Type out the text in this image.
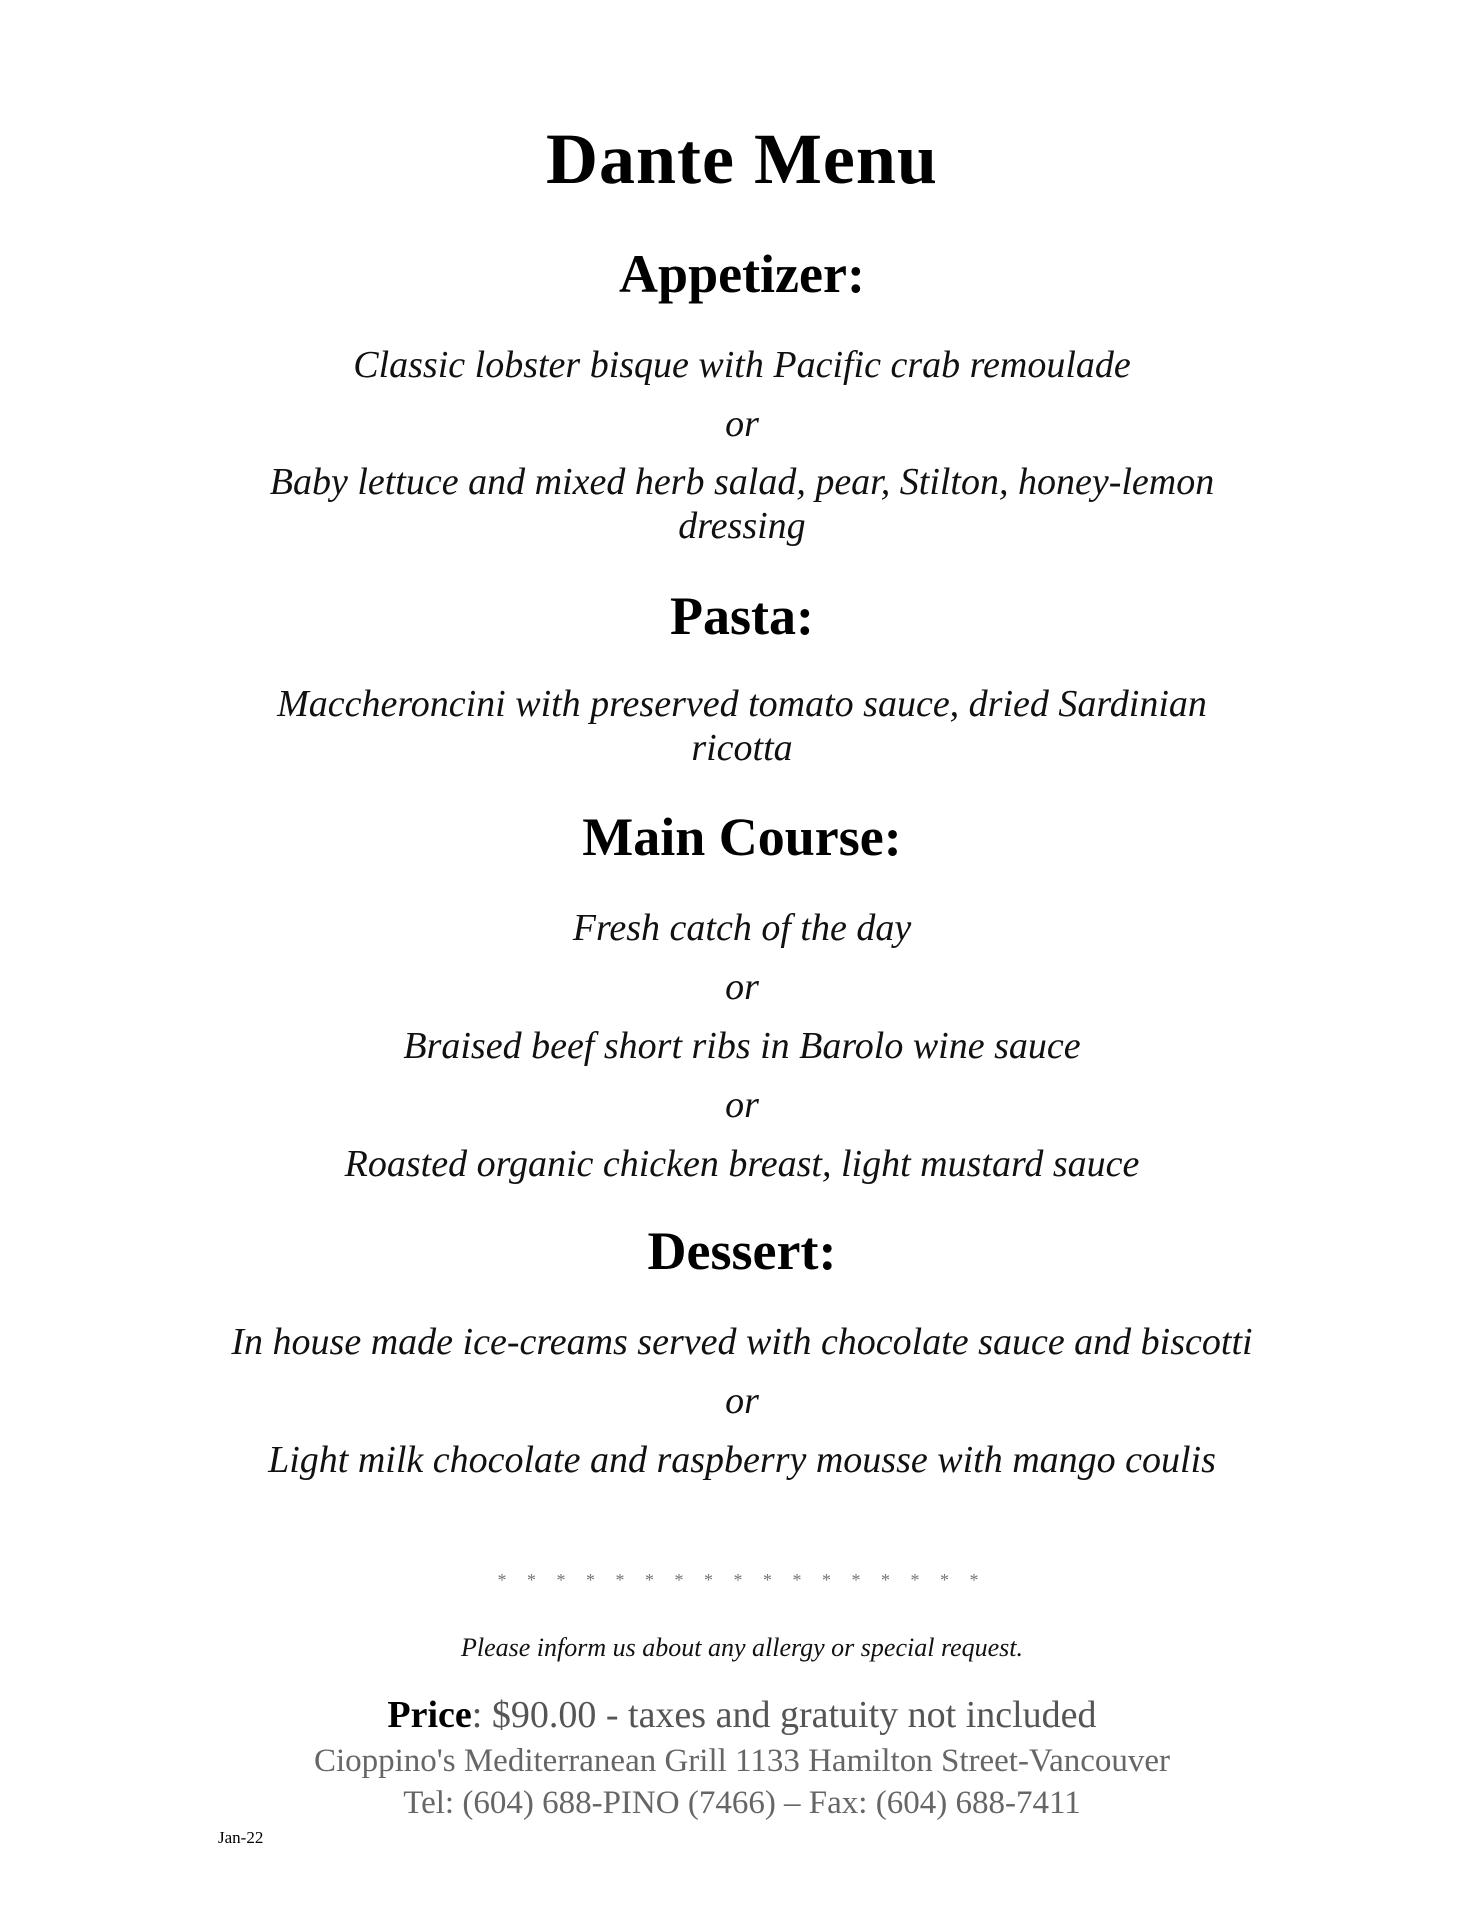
Dante Menu
Appetizer:
Classic lobster bisque with Pacific crab remoulade
or
Baby lettuce and mixed herb salad, pear, Stilton, honey-lemon dressing
Pasta:
Maccheroncini with preserved tomato sauce, dried Sardinian ricotta
Main Course:
Fresh catch of the day
or
Braised beef short ribs in Barolo wine sauce
or
Roasted organic chicken breast, light mustard sauce
Dessert:
In house made ice-creams served with chocolate sauce and biscotti
or
Light milk chocolate and raspberry mousse with mango coulis
* * * * * * * * * * * * * * * * *
Please inform us about any allergy or special request.
Price: $90.00 - taxes and gratuity not included
Cioppino's Mediterranean Grill 1133 Hamilton Street-Vancouver
Tel: (604) 688-PINO (7466) – Fax: (604) 688-7411
Jan-22
